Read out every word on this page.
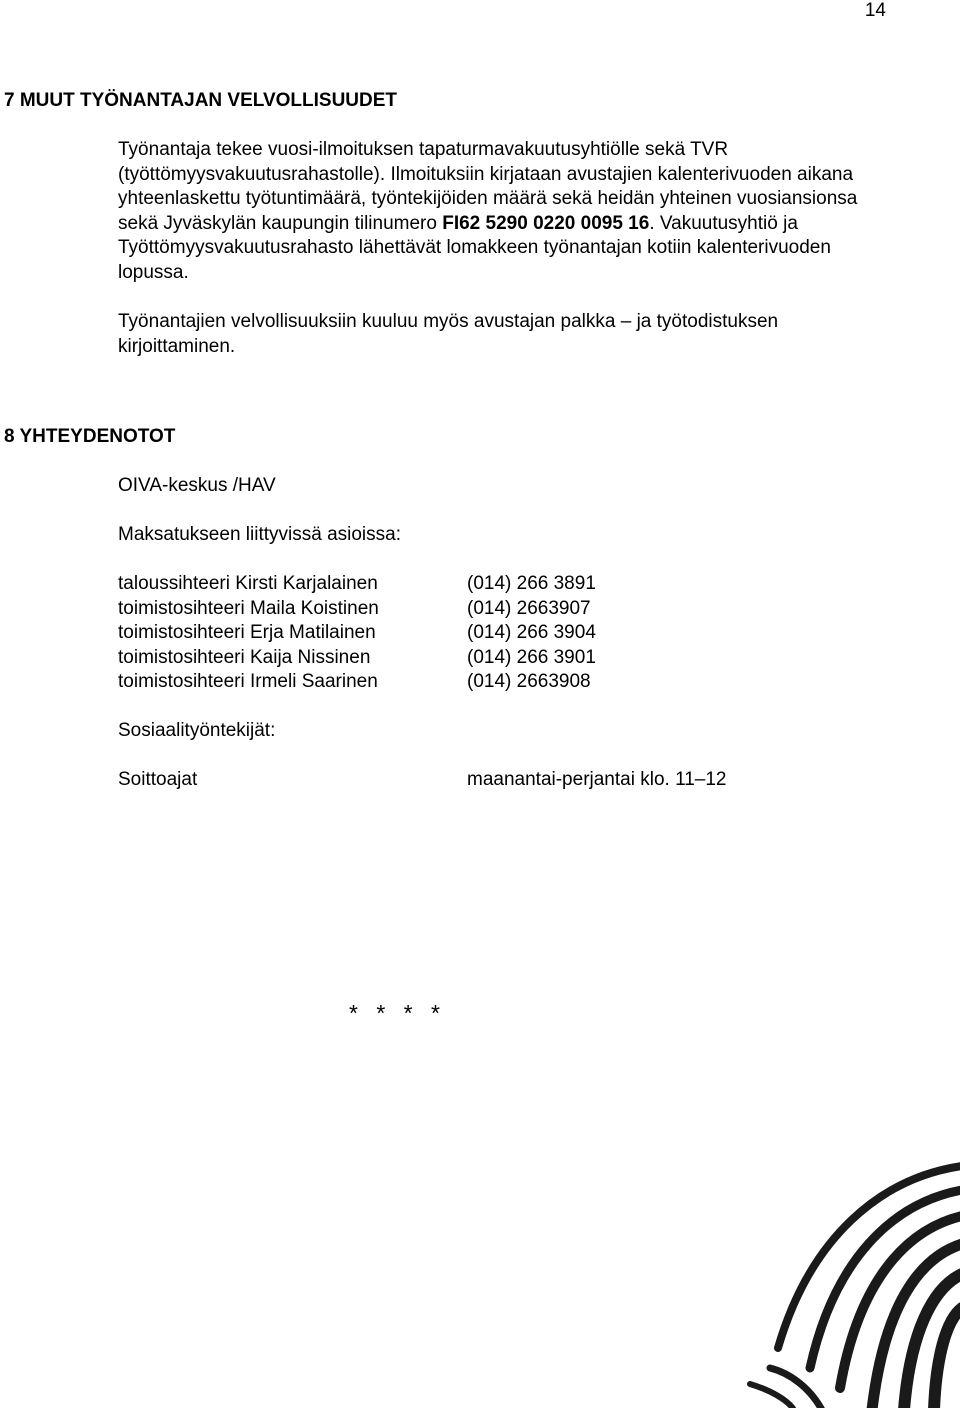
14
7 MUUT TYÖNANTAJAN VELVOLLISUUDET

Työnantaja tekee vuosi-ilmoituksen tapaturmavakuutusyhtiölle sekä TVR (työttömyysvakuutusrahastolle). Ilmoituksiin kirjataan avustajien kalenterivuoden aikana yhteenlaskettu työtuntimäärä, työntekijöiden määrä sekä heidän yhteinen vuosiansionsa sekä Jyväskylän kaupungin tilinumero FI62 5290 0220 0095 16. Vakuutusyhtiö ja Työttömyysvakuutusrahasto lähettävät lomakkeen työnantajan kotiin kalenterivuoden lopussa.

Työnantajien velvollisuuksiin kuuluu myös avustajan palkka – ja työtodistuksen kirjoittaminen.

8 YHTEYDENOTOT

OIVA-keskus /HAV

Maksatukseen liittyvissä asioissa:

taloussihteeri Kirsti Karjalainen	(014) 266 3891
toimistosihteeri Maila Koistinen	(014) 2663907
toimistosihteeri Erja Matilainen	(014) 266 3904
toimistosihteeri Kaija Nissinen	(014) 266 3901
toimistosihteeri Irmeli Saarinen	(014) 2663908

Sosiaalityöntekijät:

Soittoajat	maanantai-perjantai klo. 11–12

* * * *
